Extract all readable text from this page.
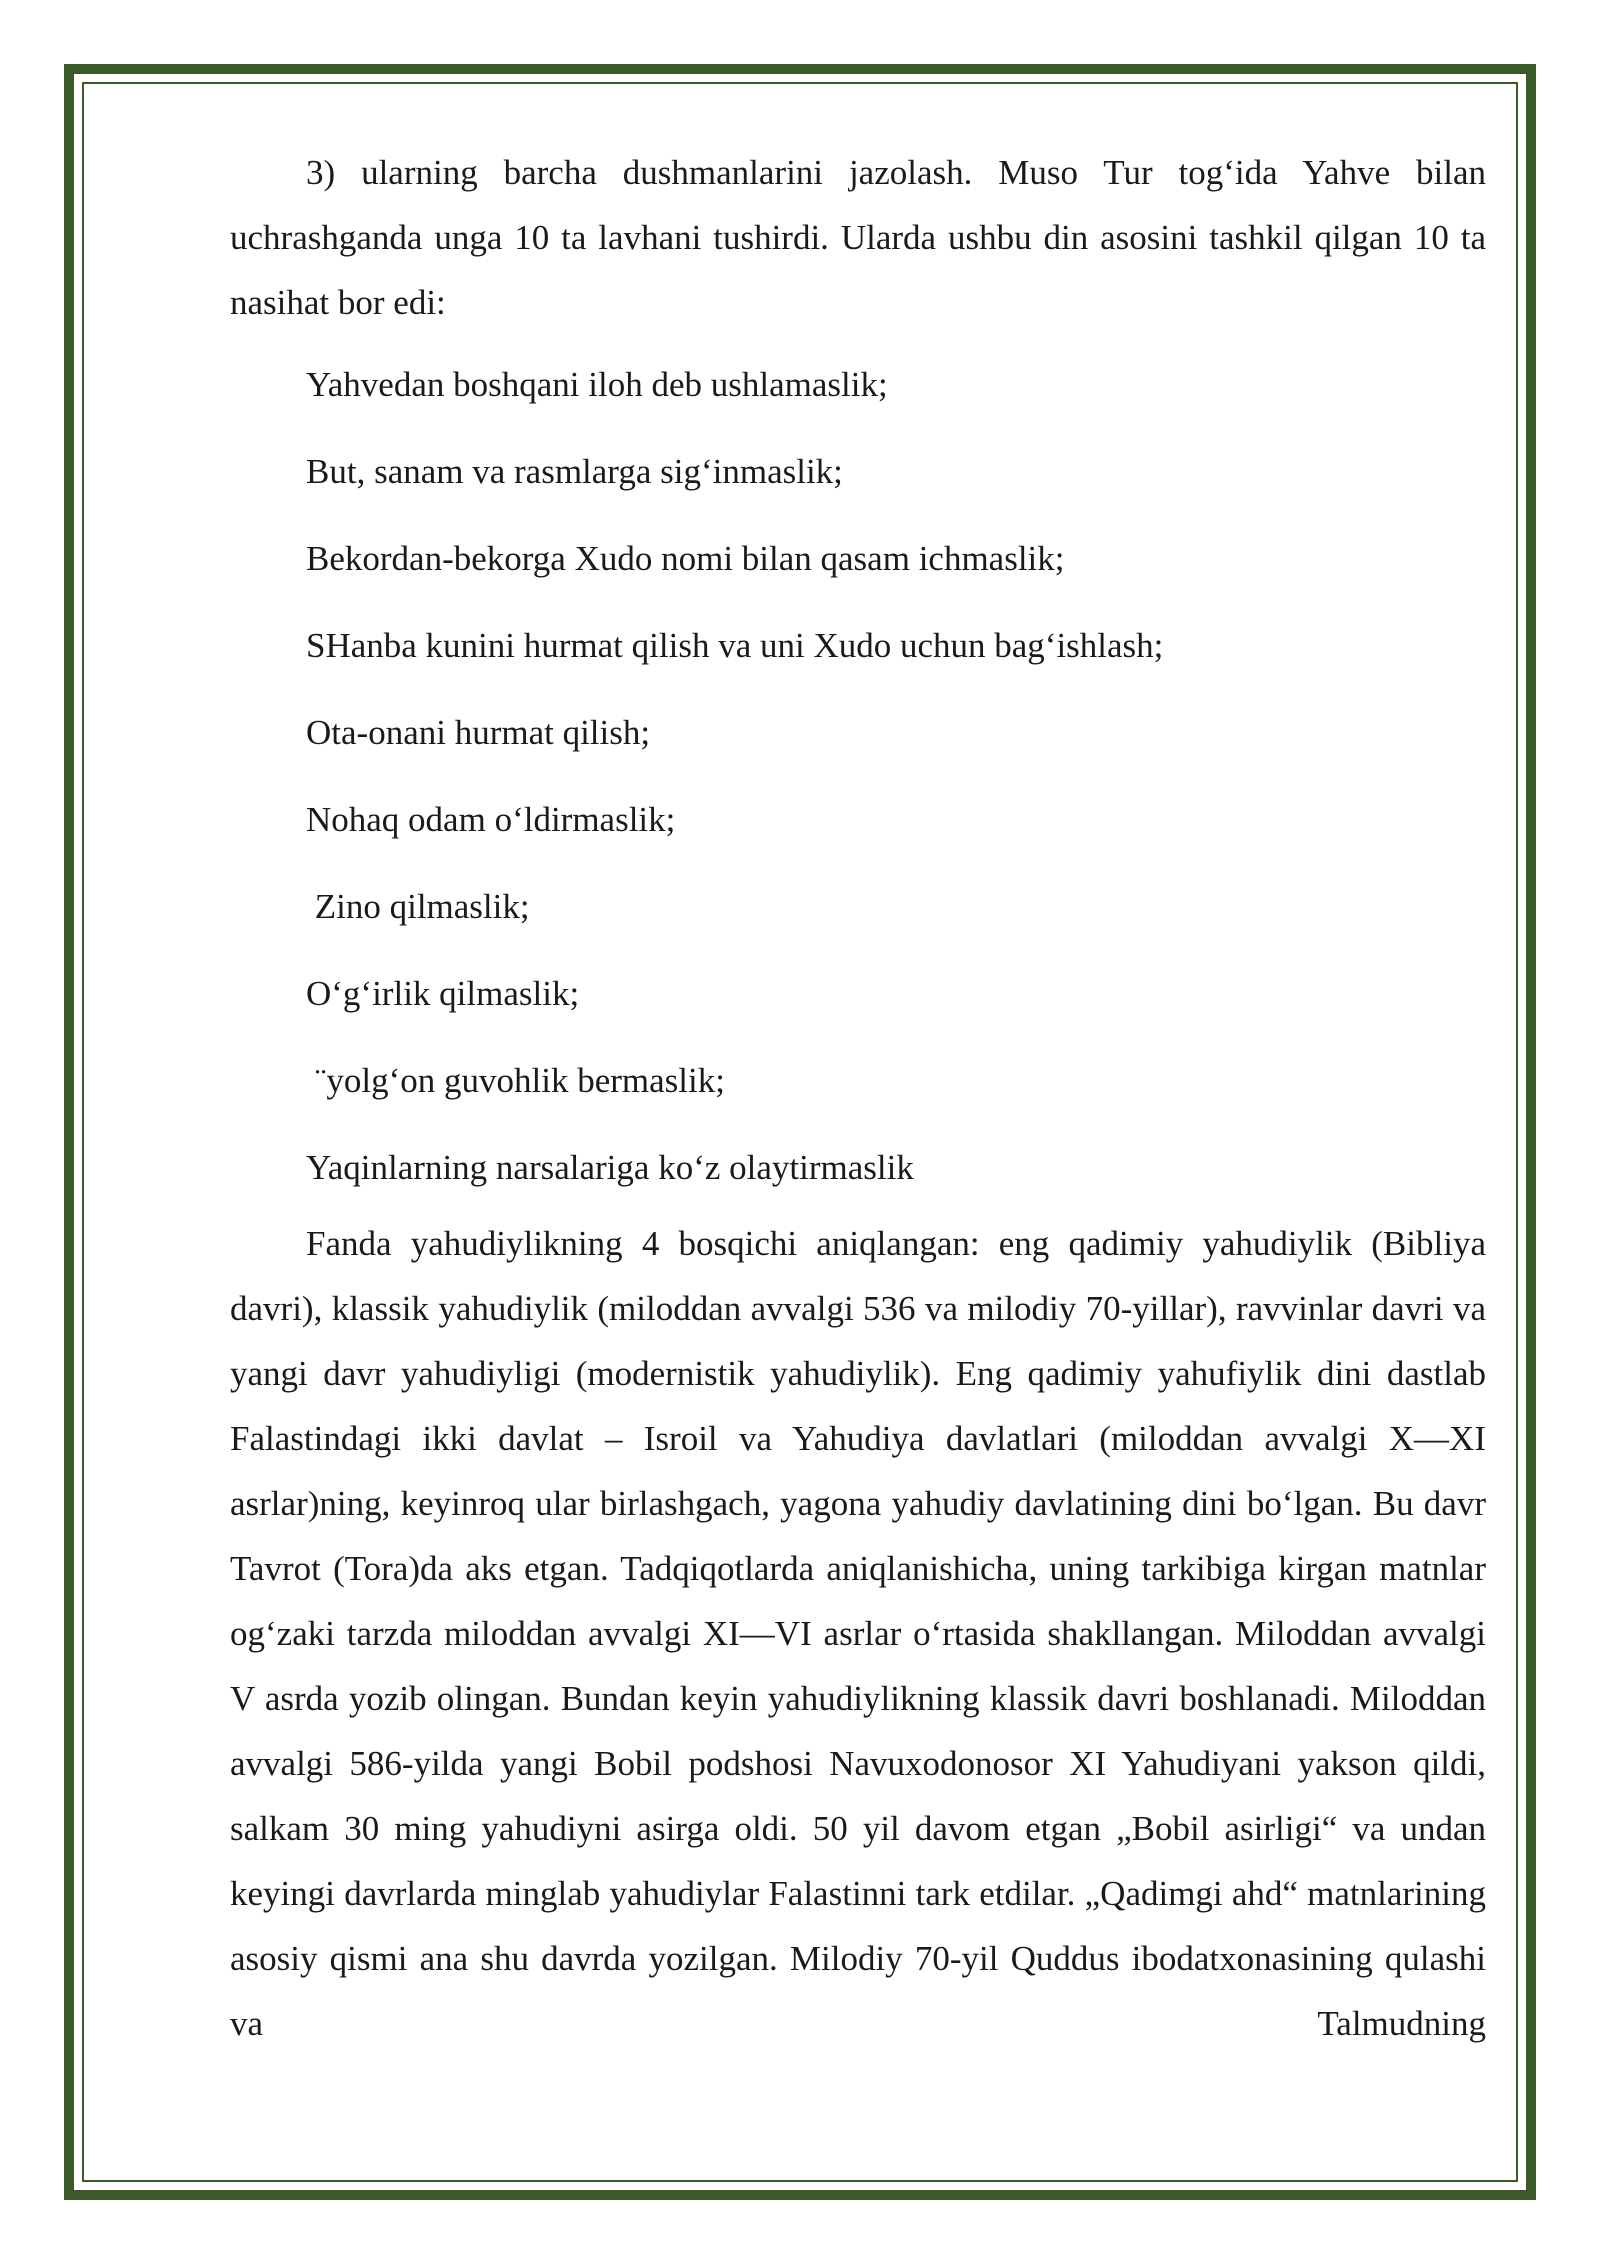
3) ularning barcha dushmanlarini jazolash. Muso Tur tog‘ida Yahve bilan uchrashganda unga 10 ta lavhani tushirdi. Ularda ushbu din asosini tashkil qilgan 10 ta nasihat bor edi:

Yahvedan boshqani iloh deb ushlamaslik;

But, sanam va rasmlarga sig‘inmaslik;

Bekordan-bekorga Xudo nomi bilan qasam ichmaslik;

SHanba kunini hurmat qilish va uni Xudo uchun bag‘ishlash;

Ota-onani hurmat qilish;

Nohaq odam o‘ldirmaslik;

Zino qilmaslik;

O‘g‘irlik qilmaslik;

¨yolg‘on guvohlik bermaslik;

Yaqinlarning narsalariga ko‘z olaytirmaslik

Fanda yahudiylikning 4 bosqichi aniqlangan: eng qadimiy yahudiylik (Bibliya davri), klassik yahudiylik (miloddan avvalgi 536 va milodiy 70-yillar), ravvinlar davri va yangi davr yahudiyligi (modernistik yahudiylik). Eng qadimiy yahufiylik dini dastlab Falastindagi ikki davlat – Isroil va Yahudiya davlatlari (miloddan avvalgi X—XI asrlar)ning, keyinroq ular birlashgach, yagona yahudiy davlatining dini bo‘lgan. Bu davr Tavrot (Tora)da aks etgan. Tadqiqotlarda aniqlanishicha, uning tarkibiga kirgan matnlar og‘zaki tarzda miloddan avvalgi XI—VI asrlar o‘rtasida shakllangan. Miloddan avvalgi V asrda yozib olingan. Bundan keyin yahudiylikning klassik davri boshlanadi. Miloddan avvalgi 586-yilda yangi Bobil podshosi Navuxodonosor XI Yahudiyani yakson qildi, salkam 30 ming yahudiyni asirga oldi. 50 yil davom etgan „Bobil asirligi“ va undan keyingi davrlarda minglab yahudiylar Falastinni tark etdilar. „Qadimgi ahd“ matnlarining asosiy qismi ana shu davrda yozilgan. Milodiy 70-yil Quddus ibodatxonasining qulashi va Talmudning
